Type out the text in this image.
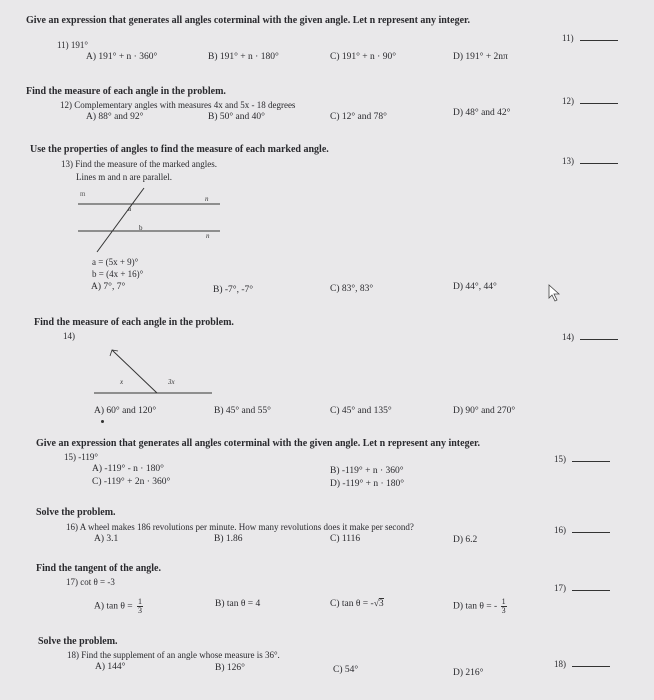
Give an expression that generates all angles coterminal with the given angle. Let n represent any integer.
11) 191°
A) 191° + n · 360°	B) 191° + n · 180°	C) 191° + n · 90°	D) 191° + 2nπ
11)
Find the measure of each angle in the problem.
12) Complementary angles with measures 4x and 5x - 18 degrees
A) 88° and 92°	B) 50° and 40°	C) 12° and 78°	D) 48° and 42°
12)
Use the properties of angles to find the measure of each marked angle.
13) Find the measure of the marked angles.
Lines m and n are parallel.
13)
m
n
n
a
b
a = (5x + 9)°
b = (4x + 16)°
A) 7°, 7°	B) -7°, -7°	C) 83°, 83°	D) 44°, 44°
Find the measure of each angle in the problem.
14)	14)
x	3x
A) 60° and 120°	B) 45° and 55°	C) 45° and 135°	D) 90° and 270°
Give an expression that generates all angles coterminal with the given angle. Let n represent any integer.
15) -119°
A) -119° - n · 180°
C) -119° + 2n · 360°
B) -119° + n · 360°
D) -119° + n · 180°
15)
Solve the problem.
16) A wheel makes 186 revolutions per minute. How many revolutions does it make per second?
A) 3.1	B) 1.86	C) 1116	D) 6.2
16)
Find the tangent of the angle.
17) cot θ = -3
17)
A) $\tan \theta = \frac{1}{3}$	B) tan θ = 4	C) tan θ = -√3	D) tan θ = - $\frac{1}{3}$
Solve the problem.
18) Find the supplement of an angle whose measure is 36°.
A) 144°	B) 126°	C) 54°	D) 216°
18)
